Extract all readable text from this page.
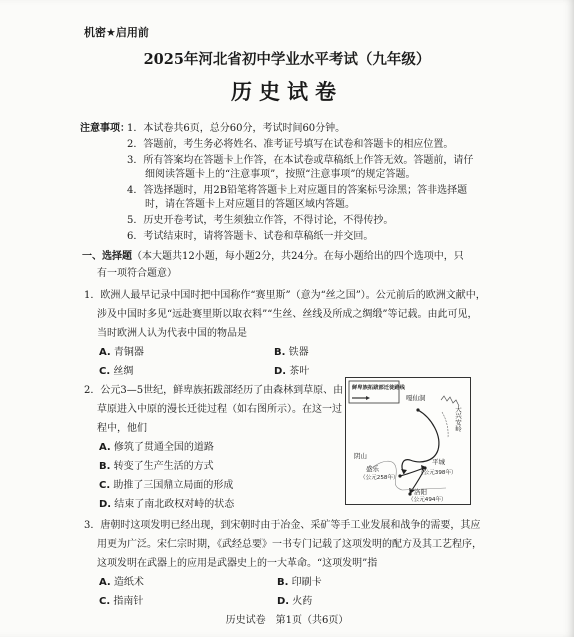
机密★启用前
2025年河北省初中学业水平考试（九年级）
历史试卷
注意事项：
1．本试卷共6页，总分60分，考试时间60分钟。
2．答题前，考生务必将姓名、准考证号填写在试卷和答题卡的相应位置。
3．所有答案均在答题卡上作答，在本试卷或草稿纸上作答无效。答题前，请仔
细阅读答题卡上的“注意事项”，按照“注意事项”的规定答题。
4．答选择题时，用2B铅笔将答题卡上对应题目的答案标号涂黑；答非选择题
时，请在答题卡上对应题目的答题区域内答题。
5．历史开卷考试，考生须独立作答，不得讨论，不得传抄。
6．考试结束时，请将答题卡、试卷和草稿纸一并交回。
一、选择题（本大题共12小题，每小题2分，共24分。在每小题给出的四个选项中，只
有一项符合题意）
1．欧洲人最早记录中国时把中国称作“赛里斯”（意为“丝之国”）。公元前后的欧洲文献中，
涉及中国时多见“远赴赛里斯以取衣料”“生丝、丝线及所成之绸缎”等记载。由此可见，
当时欧洲人认为代表中国的物品是
A. 青铜器	B. 铁器
C. 丝绸	D. 茶叶
2．公元3—5世纪，鲜卑族拓跋部经历了由森林到草原、由
草原进入中原的漫长迁徙过程（如右图所示）。在这一过
程中，他们
A. 修筑了贯通全国的道路
B. 转变了生产生活的方式
C. 助推了三国鼎立局面的形成
D. 结束了南北政权对峙的状态
鲜卑族拓跋部迁徙路线
嘎仙洞
大兴安岭
阴山
盛乐
（公元258年）
平城
（公元398年）
洛阳
（公元494年）
3．唐朝时这项发明已经出现，到宋朝时由于冶金、采矿等手工业发展和战争的需要，其应
用更为广泛。宋仁宗时期，《武经总要》一书专门记载了这项发明的配方及其工艺程序，
这项发明在武器上的应用是武器史上的一大革命。“这项发明”指
A. 造纸术	B. 印刷卡
C. 指南针	D. 火药
历史试卷　第1页（共6页）
